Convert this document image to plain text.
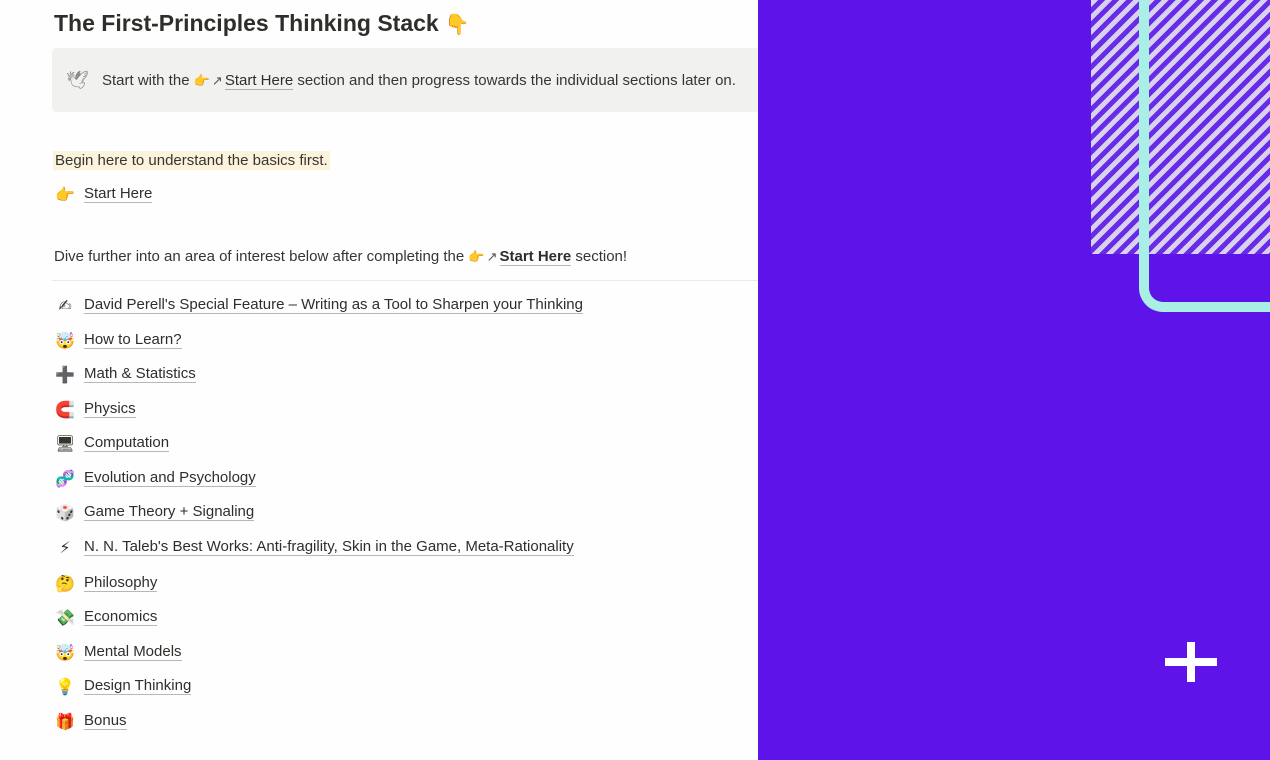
The First-Principles Thinking Stack 👇
🕊 Start with the 👉 ↗ Start Here section and then progress towards the individual sections later on.
Begin here to understand the basics first.
👉 Start Here
Dive further into an area of interest below after completing the 👉 ↗ Start Here section!
✍ David Perell's Special Feature – Writing as a Tool to Sharpen your Thinking
🤯 How to Learn?
➕ Math & Statistics
🧲 Physics
🖥 Computation
🧬 Evolution and Psychology
🎲 Game Theory + Signaling
⚡ N. N. Taleb's Best Works: Anti-fragility, Skin in the Game, Meta-Rationality
🤔 Philosophy
💸 Economics
🤯 Mental Models
💡 Design Thinking
🎁 Bonus
